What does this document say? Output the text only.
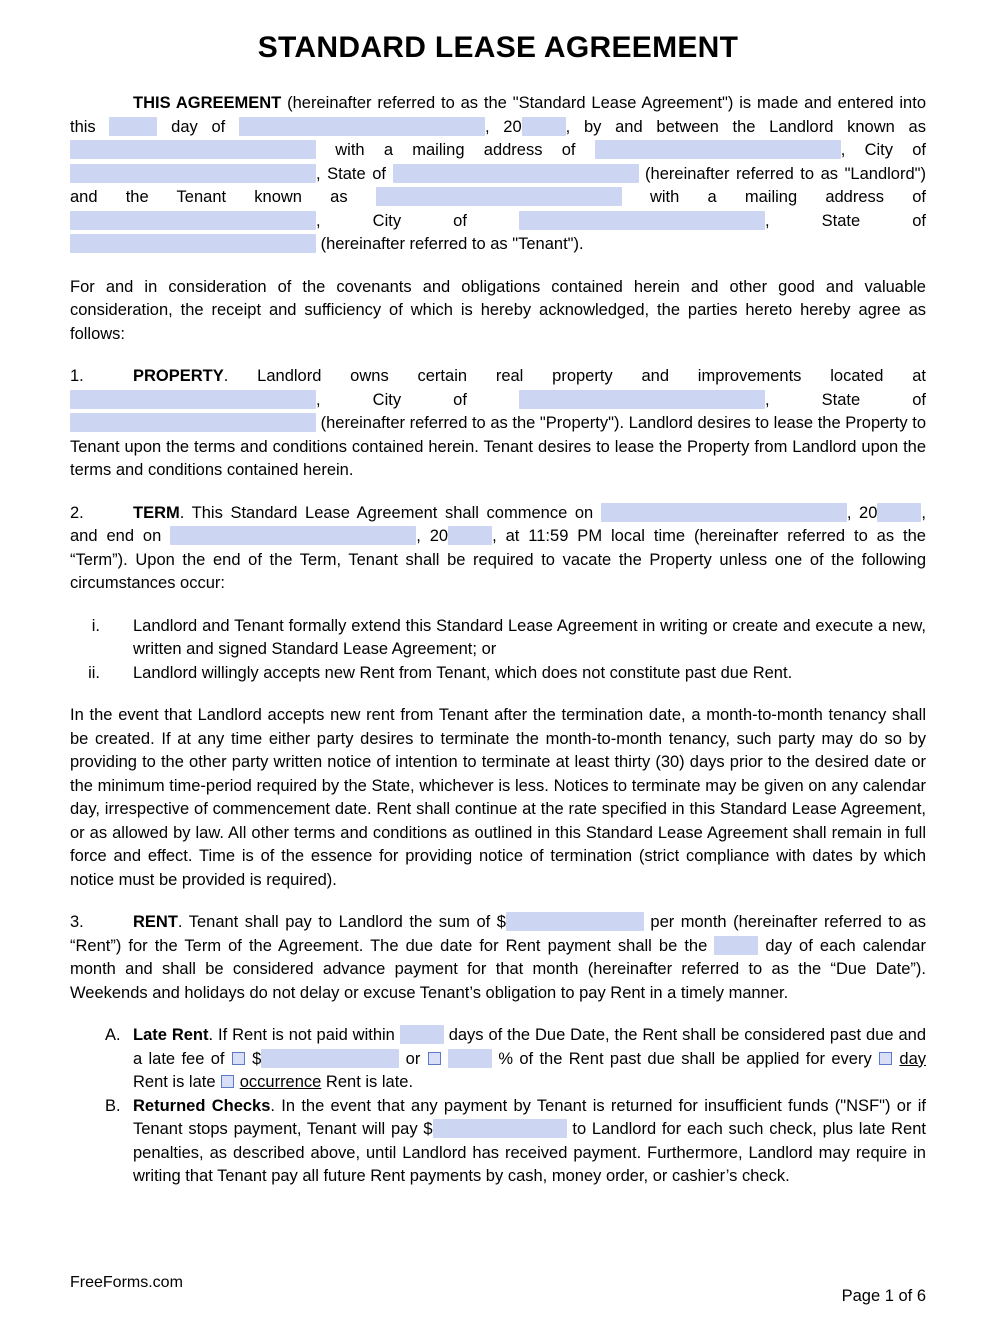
STANDARD LEASE AGREEMENT

THIS AGREEMENT (hereinafter referred to as the "Standard Lease Agreement") is made and entered into this	day of	, 20	, by and between the Landlord known as  with a mailing address of	, City of , State of	(hereinafter referred to as "Landlord") and the Tenant known as	with a mailing address of , City of	, State of  (hereinafter referred to as "Tenant").

For and in consideration of the covenants and obligations contained herein and other good and valuable consideration, the receipt and sufficiency of which is hereby acknowledged, the parties hereto hereby agree as follows:

1.	PROPERTY. Landlord owns certain real property and improvements located at , City of	, State of  (hereinafter referred to as the "Property"). Landlord desires to lease the Property to Tenant upon the terms and conditions contained herein. Tenant desires to lease the Property from Landlord upon the terms and conditions contained herein.

2.	TERM. This Standard Lease Agreement shall commence on	, 20	, and end on	, 20	, at 11:59 PM local time (hereinafter referred to as the “Term”). Upon the end of the Term, Tenant shall be required to vacate the Property unless one of the following circumstances occur:

i.	Landlord and Tenant formally extend this Standard Lease Agreement in writing or create and execute a new, written and signed Standard Lease Agreement; or
ii.	Landlord willingly accepts new Rent from Tenant, which does not constitute past due Rent.

In the event that Landlord accepts new rent from Tenant after the termination date, a month-to-month tenancy shall be created. If at any time either party desires to terminate the month-to-month tenancy, such party may do so by providing to the other party written notice of intention to terminate at least thirty (30) days prior to the desired date or the minimum time-period required by the State, whichever is less. Notices to terminate may be given on any calendar day, irrespective of commencement date. Rent shall continue at the rate specified in this Standard Lease Agreement, or as allowed by law. All other terms and conditions as outlined in this Standard Lease Agreement shall remain in full force and effect. Time is of the essence for providing notice of termination (strict compliance with dates by which notice must be provided is required).

3.	RENT. Tenant shall pay to Landlord the sum of $	per month (hereinafter referred to as “Rent”) for the Term of the Agreement. The due date for Rent payment shall be the	day of each calendar month and shall be considered advance payment for that month (hereinafter referred to as the “Due Date”). Weekends and holidays do not delay or excuse Tenant’s obligation to pay Rent in a timely manner.

A. Late Rent. If Rent is not paid within	days of the Due Date, the Rent shall be considered past due and a late fee of  $	or	% of the Rent past due shall be applied for every  day Rent is late  occurrence Rent is late.
B. Returned Checks. In the event that any payment by Tenant is returned for insufficient funds ("NSF") or if Tenant stops payment, Tenant will pay $	to Landlord for each such check, plus late Rent penalties, as described above, until Landlord has received payment. Furthermore, Landlord may require in writing that Tenant pay all future Rent payments by cash, money order, or cashier’s check.
FreeForms.com
Page 1 of 6
